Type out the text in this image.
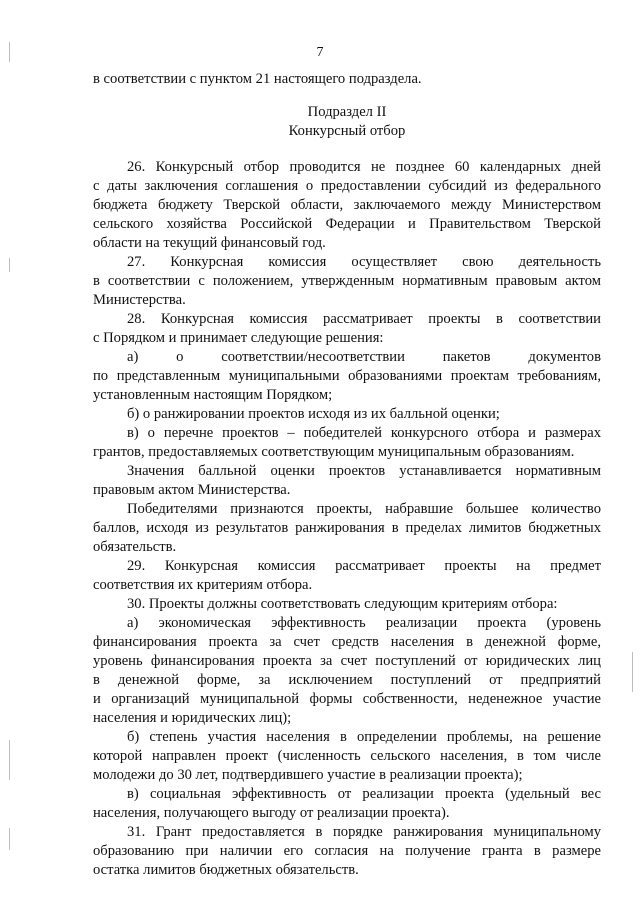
7
в соответствии с пунктом 21 настоящего подраздела.
Подраздел II
Конкурсный отбор
26. Конкурсный отбор проводится не позднее 60 календарных дней
с даты заключения соглашения о предоставлении субсидий из федерального
бюджета бюджету Тверской области, заключаемого между Министерством
сельского хозяйства Российской Федерации и Правительством Тверской
области на текущий финансовый год.
27. Конкурсная комиссия осуществляет свою деятельность
в соответствии с положением, утвержденным нормативным правовым актом
Министерства.
28. Конкурсная комиссия рассматривает проекты в соответствии
с Порядком и принимает следующие решения:
а) о соответствии/несоответствии пакетов документов
по представленным муниципальными образованиями проектам требованиям,
установленным настоящим Порядком;
б) о ранжировании проектов исходя из их балльной оценки;
в) о перечне проектов – победителей конкурсного отбора и размерах
грантов, предоставляемых соответствующим муниципальным образованиям.
Значения балльной оценки проектов устанавливается нормативным
правовым актом Министерства.
Победителями признаются проекты, набравшие большее количество
баллов, исходя из результатов ранжирования в пределах лимитов бюджетных
обязательств.
29. Конкурсная комиссия рассматривает проекты на предмет
соответствия их критериям отбора.
30. Проекты должны соответствовать следующим критериям отбора:
а) экономическая эффективность реализации проекта (уровень
финансирования проекта за счет средств населения в денежной форме,
уровень финансирования проекта за счет поступлений от юридических лиц
в денежной форме, за исключением поступлений от предприятий
и организаций муниципальной формы собственности, неденежное участие
населения и юридических лиц);
б) степень участия населения в определении проблемы, на решение
которой направлен проект (численность сельского населения, в том числе
молодежи до 30 лет, подтвердившего участие в реализации проекта);
в) социальная эффективность от реализации проекта (удельный вес
населения, получающего выгоду от реализации проекта).
31. Грант предоставляется в порядке ранжирования муниципальному
образованию при наличии его согласия на получение гранта в размере
остатка лимитов бюджетных обязательств.
